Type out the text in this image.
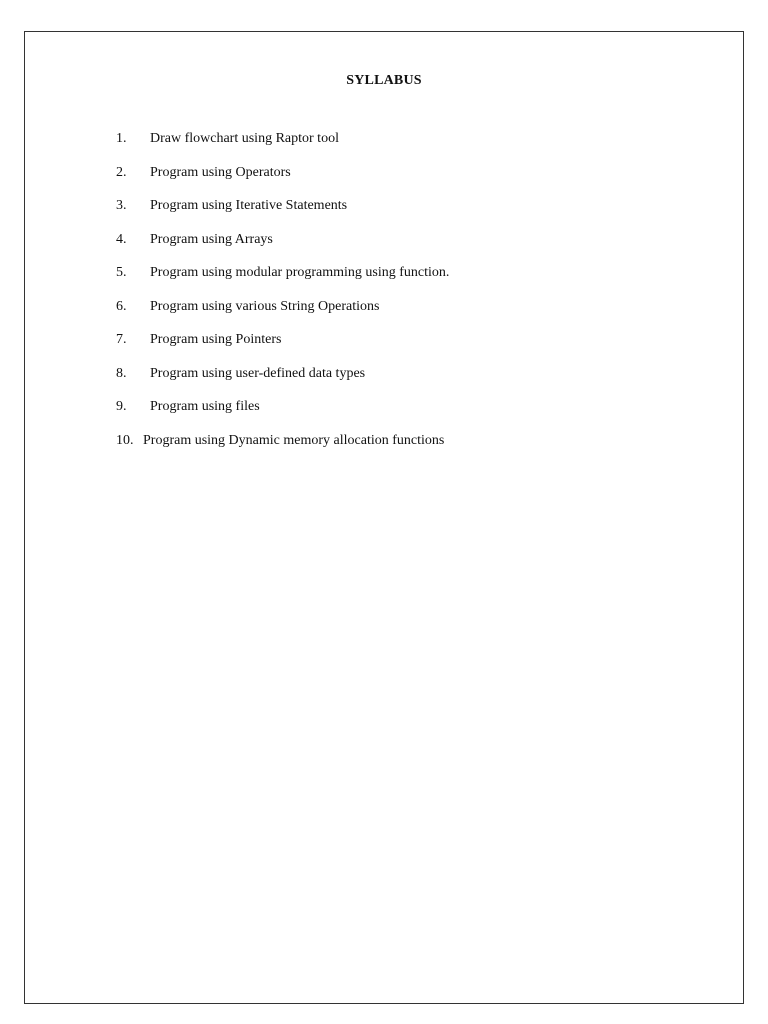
SYLLABUS
1. Draw flowchart using Raptor tool
2. Program using Operators
3. Program using Iterative Statements
4. Program using Arrays
5. Program using modular programming using function.
6. Program using various String Operations
7. Program using Pointers
8. Program using user-defined data types
9. Program using files
10. Program using Dynamic memory allocation functions
